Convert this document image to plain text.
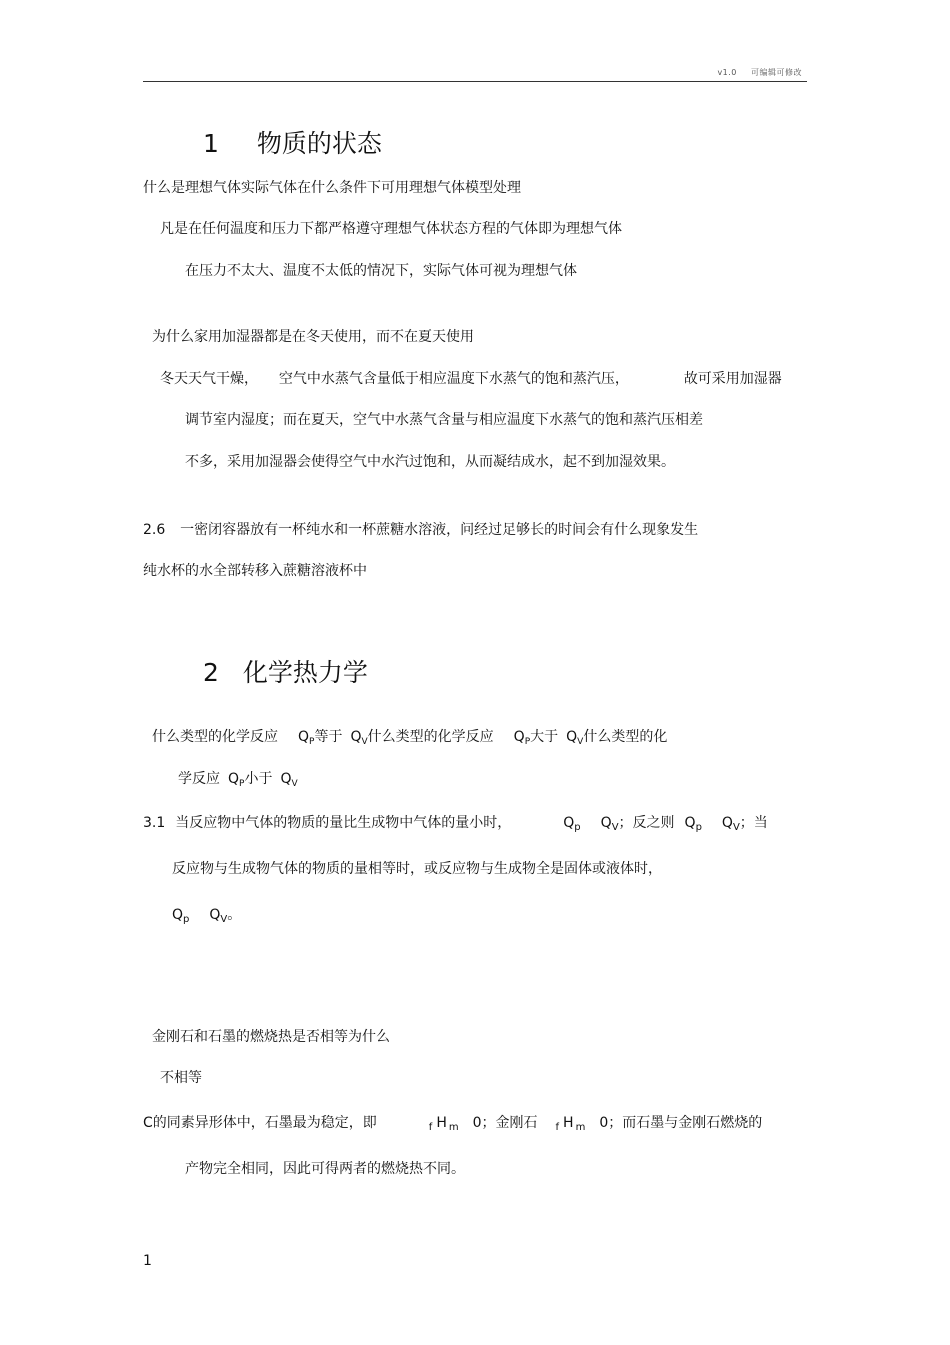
v1.0 可编辑可修改
1 物质的状态
什么是理想气体实际气体在什么条件下可用理想气体模型处理
凡是在任何温度和压力下都严格遵守理想气体状态方程的气体即为理想气体
在压力不太大、温度不太低的情况下，实际气体可视为理想气体
为什么家用加湿器都是在冬天使用，而不在夏天使用
冬天天气干燥， 空气中水蒸气含量低于相应温度下水蒸气的饱和蒸汽压，	故可采用加湿器
调节室内湿度；而在夏天，空气中水蒸气含量与相应温度下水蒸气的饱和蒸汽压相差
不多，采用加湿器会使得空气中水汽过饱和，从而凝结成水，起不到加湿效果。
2.6 一密闭容器放有一杯纯水和一杯蔗糖水溶液，问经过足够长的时间会有什么现象发生
纯水杯的水全部转移入蔗糖溶液杯中
2 化学热力学
什么类型的化学反应 $Q_P$等于 $Q_V$什么类型的化学反应 $Q_P$大于 $Q_V$什么类型的化
学反应 $Q_P$小于 $Q_V$
3.1 当反应物中气体的物质的量比生成物中气体的量小时，	$Q_p$ $Q_V$；反之则 $Q_p$ $Q_V$；当
反应物与生成物气体的物质的量相等时，或反应物与生成物全是固体或液体时，
$Q_p$ $Q_V$。
金刚石和石墨的燃烧热是否相等为什么
不相等
C的同素异形体中，石墨最为稳定，即	$_f$ H $_m$ 0；金刚石 $_f$ H $_m$ 0；而石墨与金刚石燃烧的
产物完全相同，因此可得两者的燃烧热不同。
1
